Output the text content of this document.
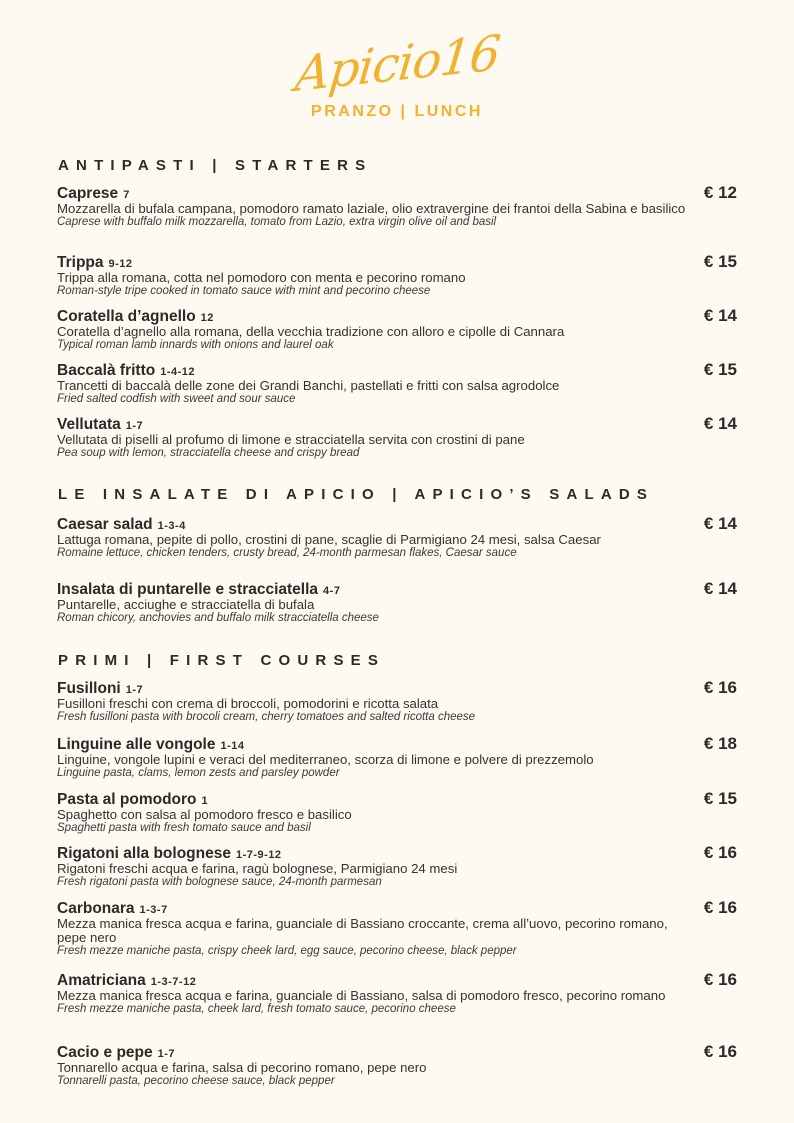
Apicio16
PRANZO | LUNCH
ANTIPASTI | STARTERS
Caprese 7	€ 12
Mozzarella di bufala campana, pomodoro ramato laziale, olio extravergine dei frantoi della Sabina e basilico
Caprese with buffalo milk mozzarella, tomato from Lazio, extra virgin olive oil and basil
Trippa 9-12	€ 15
Trippa alla romana, cotta nel pomodoro con menta e pecorino romano
Roman-style tripe cooked in tomato sauce with mint and pecorino cheese
Coratella d’agnello 12	€ 14
Coratella d’agnello alla romana, della vecchia tradizione con alloro e cipolle di Cannara
Typical roman lamb innards with onions and laurel oak
Baccalà fritto 1-4-12	€ 15
Trancetti di baccalà delle zone dei Grandi Banchi, pastellati e fritti con salsa agrodolce
Fried salted codfish with sweet and sour sauce
Vellutata 1-7	€ 14
Vellutata di piselli al profumo di limone e stracciatella servita con crostini di pane
Pea soup with lemon, stracciatella cheese and crispy bread
LE INSALATE DI APICIO | APICIO’S SALADS
Caesar salad 1-3-4	€ 14
Lattuga romana, pepite di pollo, crostini di pane, scaglie di Parmigiano 24 mesi, salsa Caesar
Romaine lettuce, chicken tenders, crusty bread, 24-month parmesan flakes, Caesar sauce
Insalata di puntarelle e stracciatella 4-7	€ 14
Puntarelle, acciughe e stracciatella di bufala
Roman chicory, anchovies and buffalo milk stracciatella cheese
PRIMI | FIRST COURSES
Fusilloni 1-7	€ 16
Fusilloni freschi con crema di broccoli, pomodorini e ricotta salata
Fresh fusilloni pasta with brocoli cream, cherry tomatoes and salted ricotta cheese
Linguine alle vongole 1-14	€ 18
Linguine, vongole lupini e veraci del mediterraneo, scorza di limone e polvere di prezzemolo
Linguine pasta, clams, lemon zests and parsley powder
Pasta al pomodoro 1	€ 15
Spaghetto con salsa al pomodoro fresco e basilico
Spaghetti pasta with fresh tomato sauce and basil
Rigatoni alla bolognese 1-7-9-12	€ 16
Rigatoni freschi acqua e farina, ragù bolognese, Parmigiano 24 mesi
Fresh rigatoni pasta with bolognese sauce, 24-month parmesan
Carbonara 1-3-7	€ 16
Mezza manica fresca acqua e farina, guanciale di Bassiano croccante, crema all’uovo, pecorino romano, pepe nero
Fresh mezze maniche pasta, crispy cheek lard, egg sauce, pecorino cheese, black pepper
Amatriciana 1-3-7-12	€ 16
Mezza manica fresca acqua e farina, guanciale di Bassiano, salsa di pomodoro fresco, pecorino romano
Fresh mezze maniche pasta, cheek lard, fresh tomato sauce, pecorino cheese
Cacio e pepe 1-7	€ 16
Tonnarello acqua e farina, salsa di pecorino romano, pepe nero
Tonnarelli pasta, pecorino cheese sauce, black pepper
